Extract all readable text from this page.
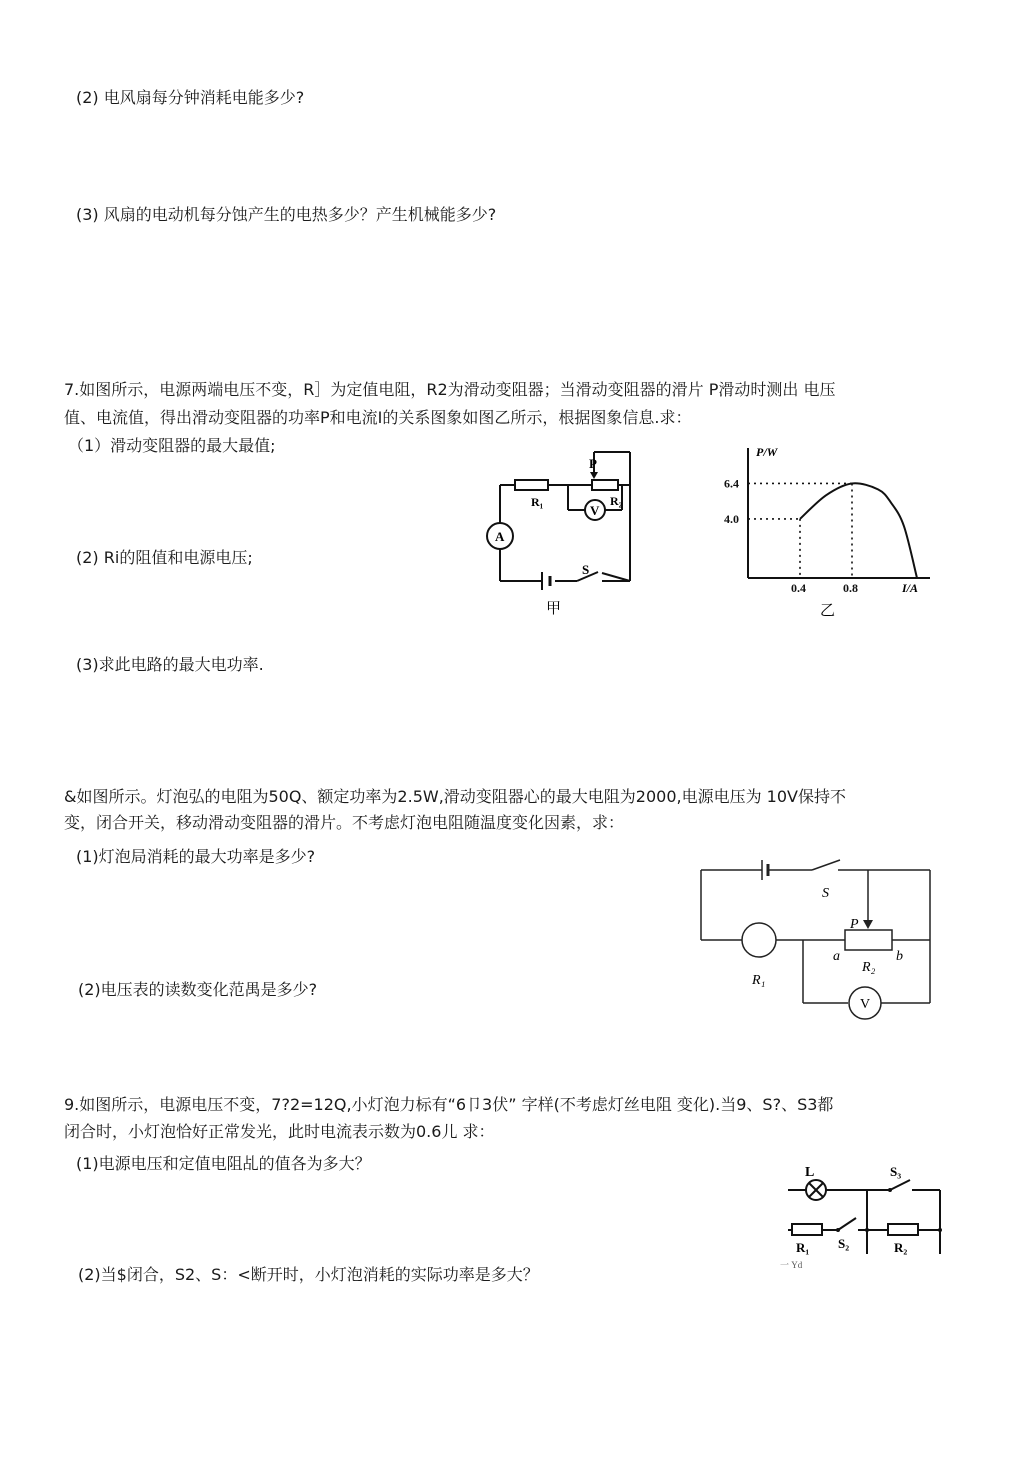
(2) 电风扇每分钟消耗电能多少?
(3) 风扇的电动机每分蚀产生的电热多少？产生机械能多少?
7.如图所示，电源两端电压不变，R］为定值电阻，R2为滑动变阻器；当滑动变阻器的滑片 P滑动时测出 电压
值、电流值，得出滑动变阻器的功率P和电流I的关系图象如图乙所示，根据图象信息.求：
（1）滑动变阻器的最大最值;
(2) Ri的阻值和电源电压;
(3)求此电路的最大电功率.
P
R₁	R₂
V
A
S
甲
0.4	0.8
4.0
6.4
P/W
I/A
乙
&如图所示。灯泡弘的电阻为50Q、额定功率为2.5W,滑动变阻器心的最大电阻为2000,电源电压为 10V保持不
变，闭合开关，移动滑动变阻器的滑片。不考虑灯泡电阻随温度变化因素，求：
(1)灯泡局消耗的最大功率是多少?
(2)电压表的读数变化范禺是多少?
S
P
a	b
R₂
R₁
V
9.如图所示，电源电压不变，7?2=12Q,小灯泡力标有“6卩3伏” 字样(不考虑灯丝电阻 变化).当9、S?、S3都
闭合时，小灯泡恰好正常发光，此时电流表示数为0.6儿 求：
(1)电源电压和定值电阻乩的值各为多大？
(2)当$闭合，S2、S：<断开时，小灯泡消耗的实际功率是多大？
L	S₃
R₁ S₂	R₂
一 Yd
